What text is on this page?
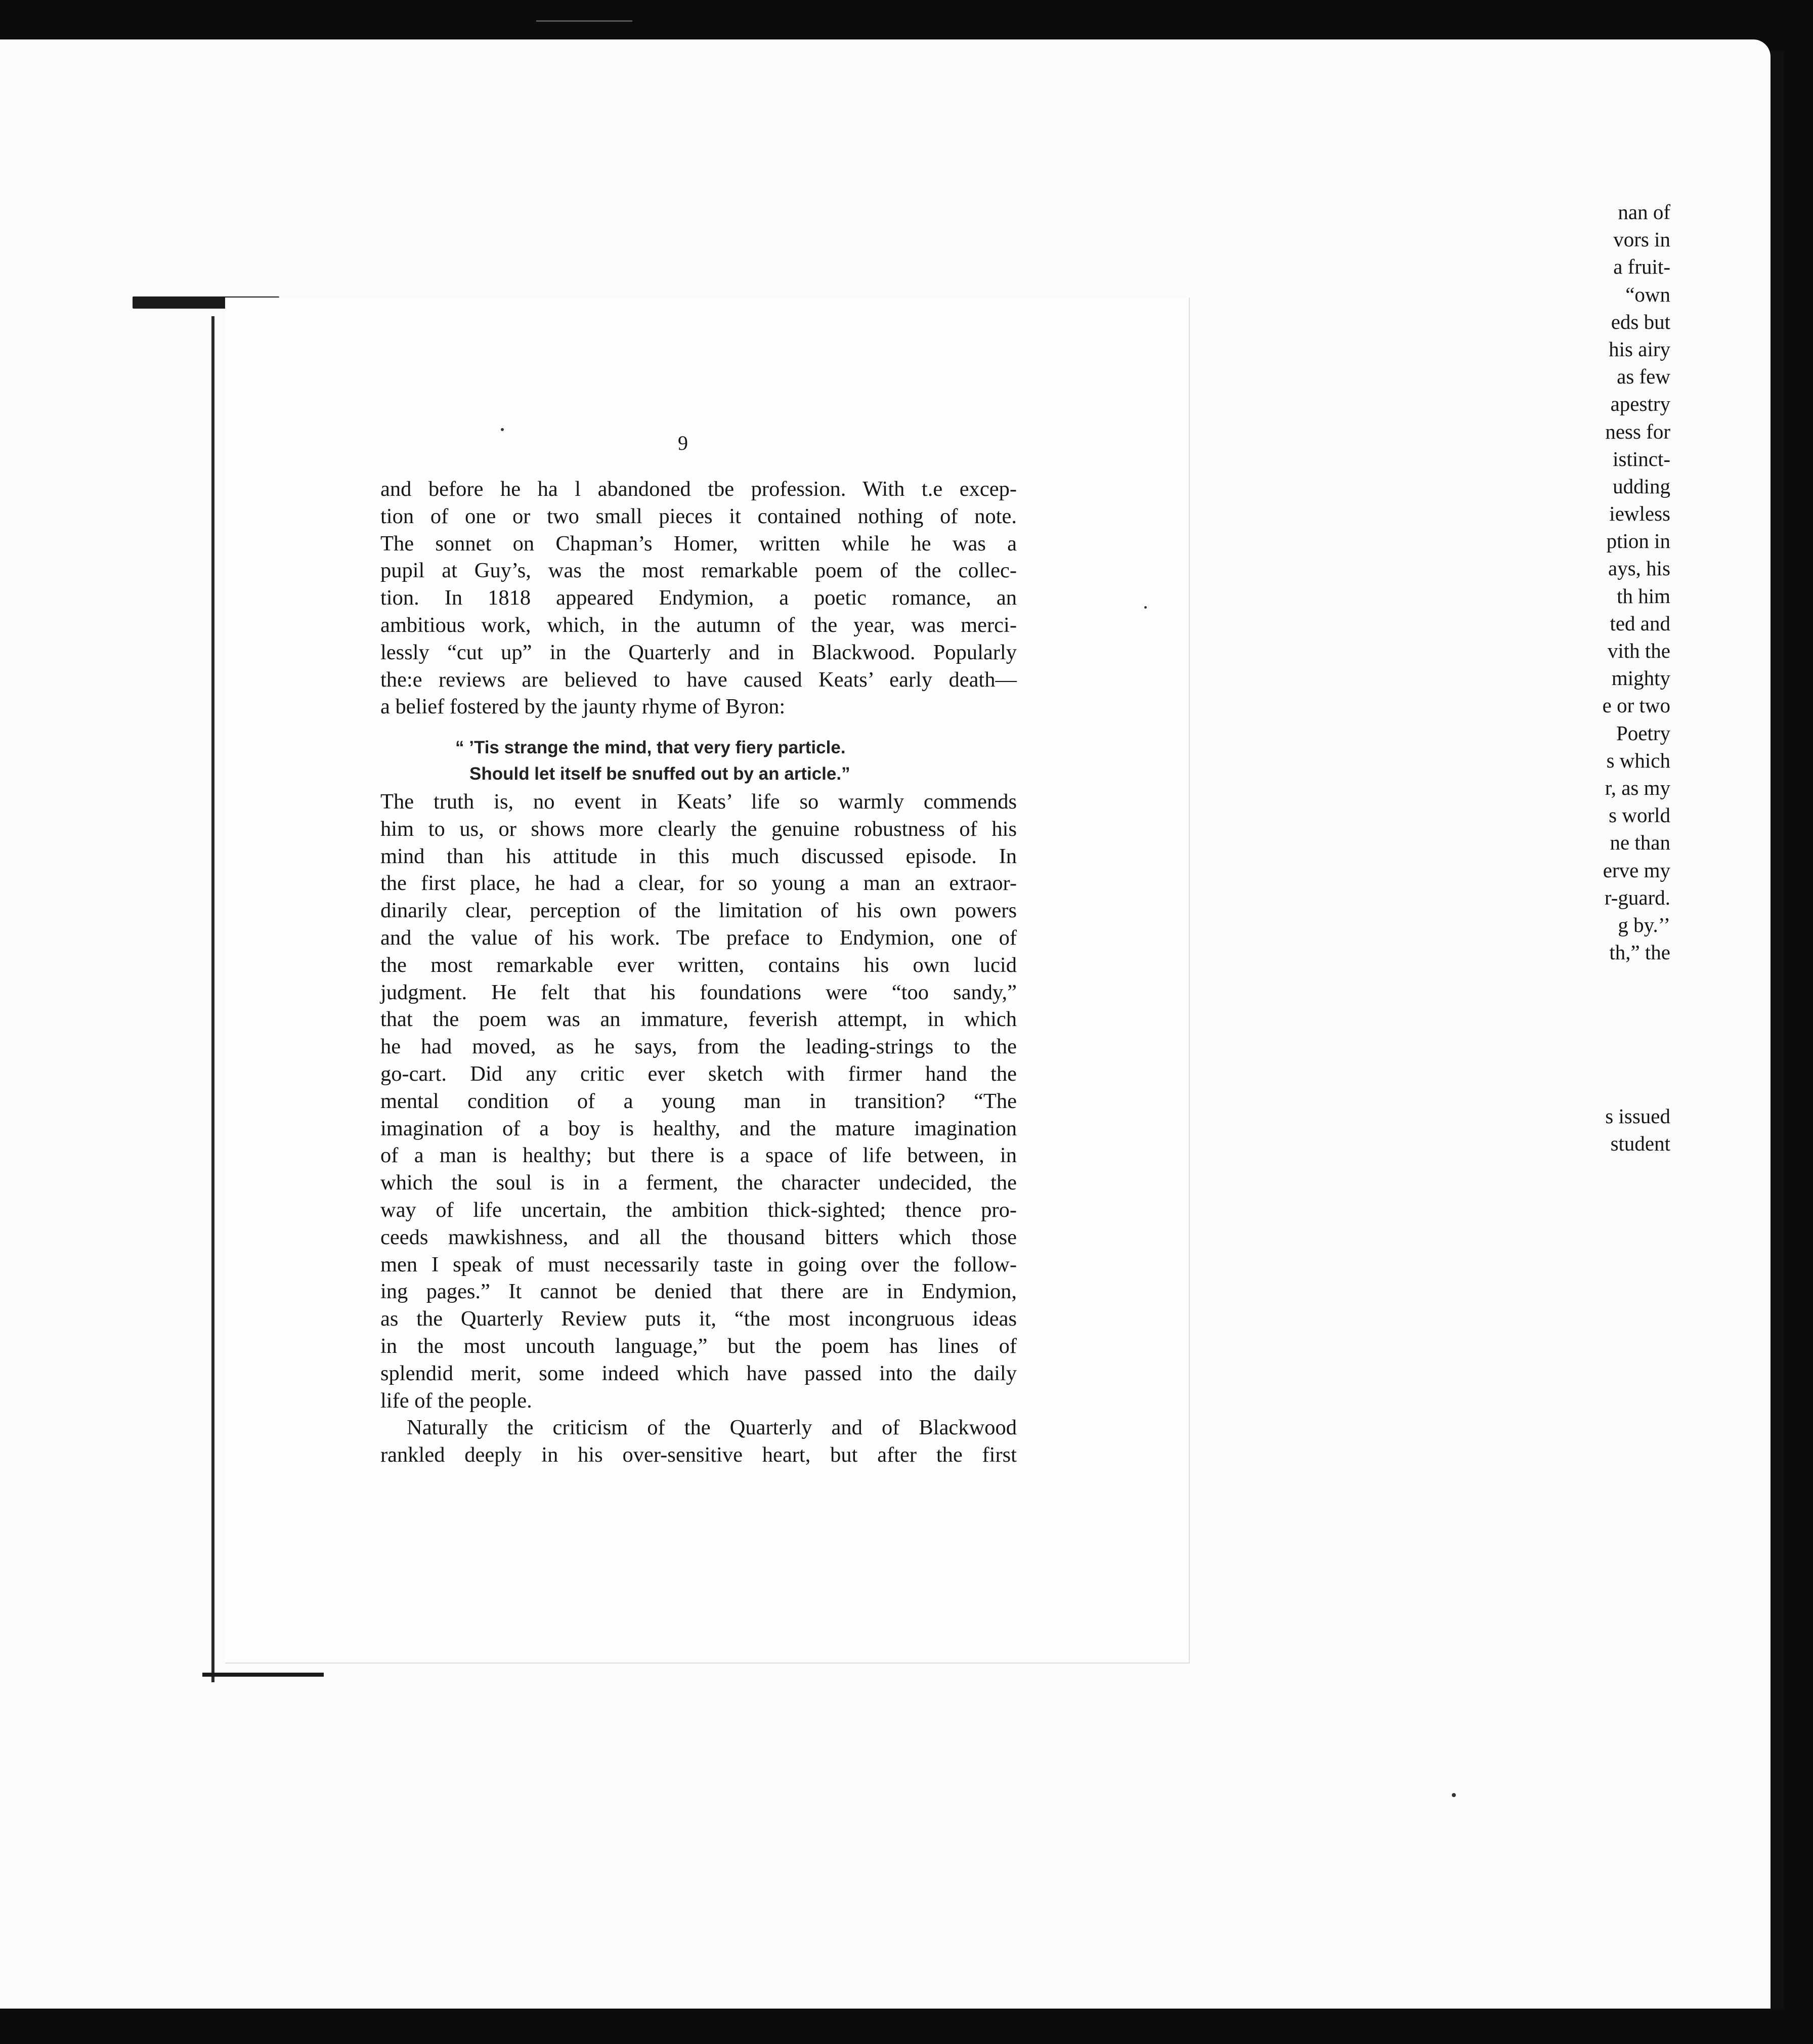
nan of
vors in
a fruit-
“own
eds but
his airy
as few
apestry
ness for
istinct-
udding
iewless
ption in
ays, his
th him
ted and
vith the
mighty
e or two
Poetry
s which
r, as my
s world
ne than
erve my
r-guard.
g by.’’
th,” the
s issued
student
9
and before he ha l abandoned tbe profession. With t.e excep-
tion of one or two small pieces it contained nothing of note.
The sonnet on Chapman’s Homer, written while he was a
pupil at Guy’s, was the most remarkable poem of the collec-
tion. In 1818 appeared Endymion, a poetic romance, an
ambitious work, which, in the autumn of the year, was merci-
lessly “cut up” in the Quarterly and in Blackwood. Popularly
the:e reviews are believed to have caused Keats’ early death—
a belief fostered by the jaunty rhyme of Byron:
“ ’Tis strange the mind, that very fiery particle.
Should let itself be snuffed out by an article.”
The truth is, no event in Keats’ life so warmly commends
him to us, or shows more clearly the genuine robustness of his
mind than his attitude in this much discussed episode. In
the first place, he had a clear, for so young a man an extraor-
dinarily clear, perception of the limitation of his own powers
and the value of his work. Tbe preface to Endymion, one of
the most remarkable ever written, contains his own lucid
judgment. He felt that his foundations were “too sandy,”
that the poem was an immature, feverish attempt, in which
he had moved, as he says, from the leading-strings to the
go-cart. Did any critic ever sketch with firmer hand the
mental condition of a young man in transition? “The
imagination of a boy is healthy, and the mature imagination
of a man is healthy; but there is a space of life between, in
which the soul is in a ferment, the character undecided, the
way of life uncertain, the ambition thick-sighted; thence pro-
ceeds mawkishness, and all the thousand bitters which those
men I speak of must necessarily taste in going over the follow-
ing pages.” It cannot be denied that there are in Endymion,
as the Quarterly Review puts it, “the most incongruous ideas
in the most uncouth language,” but the poem has lines of
splendid merit, some indeed which have passed into the daily
life of the people.
Naturally the criticism of the Quarterly and of Blackwood
rankled deeply in his over-sensitive heart, but after the first
